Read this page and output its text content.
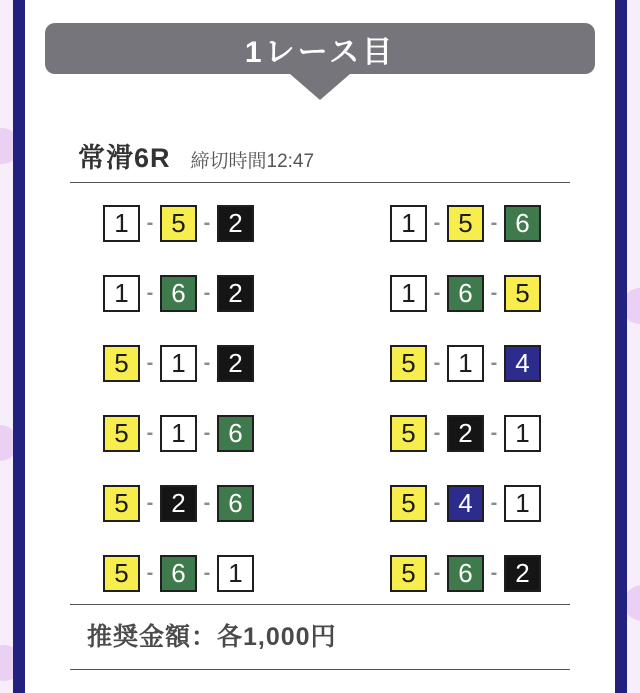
1レース目
常滑6R 締切時間12:47
1 - 5 - 2
1 - 6 - 2
5 - 1 - 2
5 - 1 - 6
5 - 2 - 6
5 - 6 - 1
1 - 5 - 6
1 - 6 - 5
5 - 1 - 4
5 - 2 - 1
5 - 4 - 1
5 - 6 - 2
推奨金額：各1,000円
